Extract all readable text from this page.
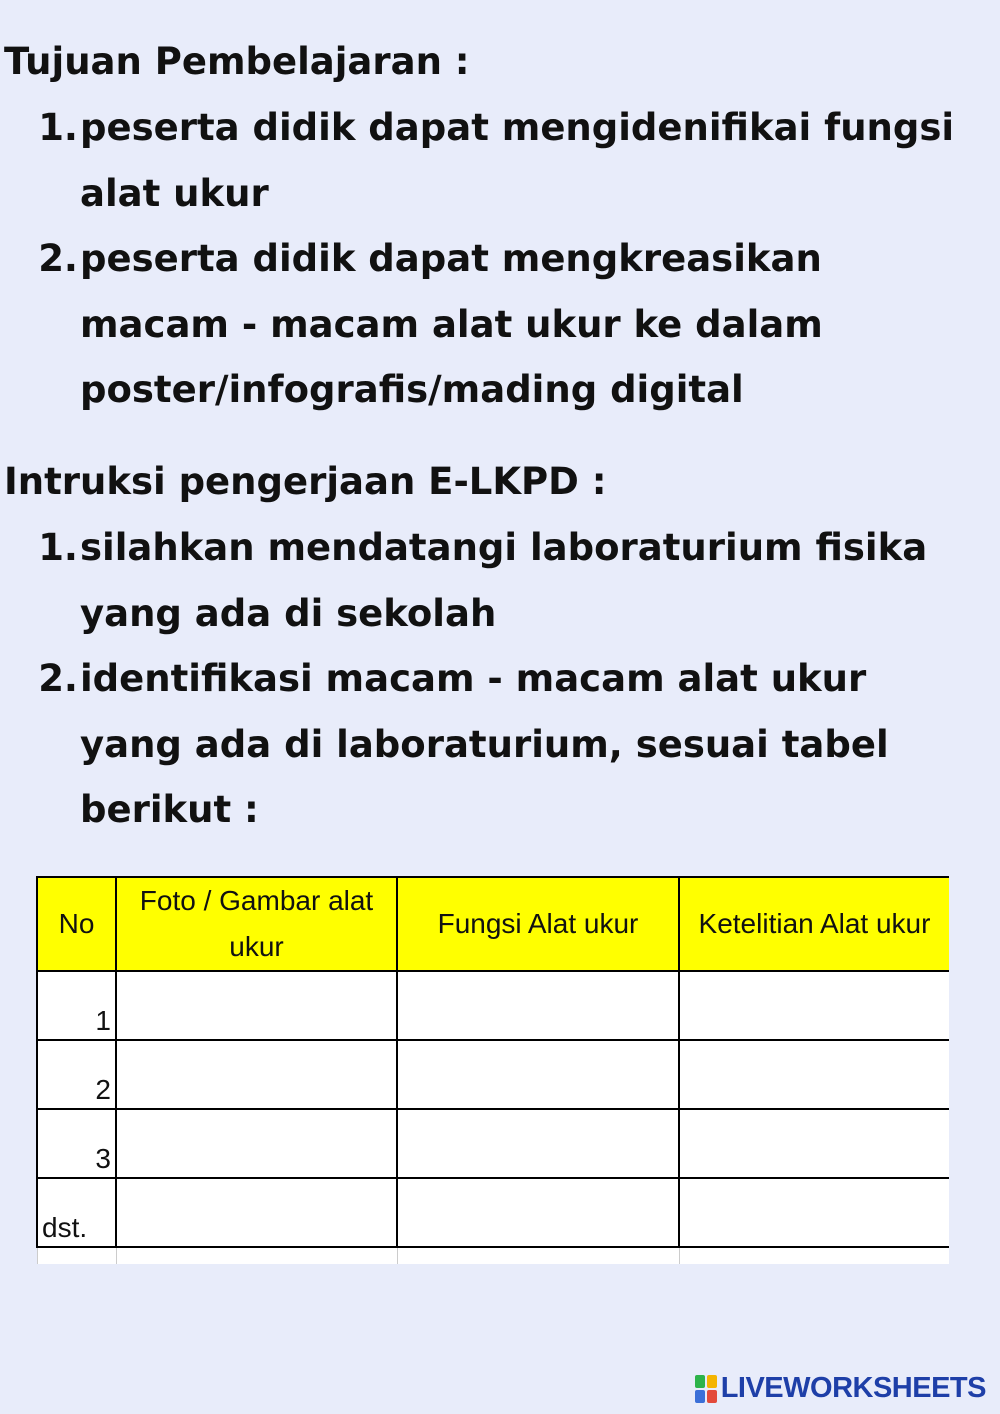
Tujuan Pembelajaran :
1. peserta didik dapat mengidenifikai fungsi alat ukur
2. peserta didik dapat mengkreasikan macam - macam alat ukur ke dalam poster/infografis/mading digital
Intruksi pengerjaan E-LKPD :
1. silahkan mendatangi laboraturium fisika yang ada di sekolah
2. identifikasi macam - macam alat ukur yang ada di laboraturium, sesuai tabel berikut :
No	Foto / Gambar alat ukur	Fungsi Alat ukur	Ketelitian Alat ukur
1			
2			
3			
dst.			

LIVEWORKSHEETS
